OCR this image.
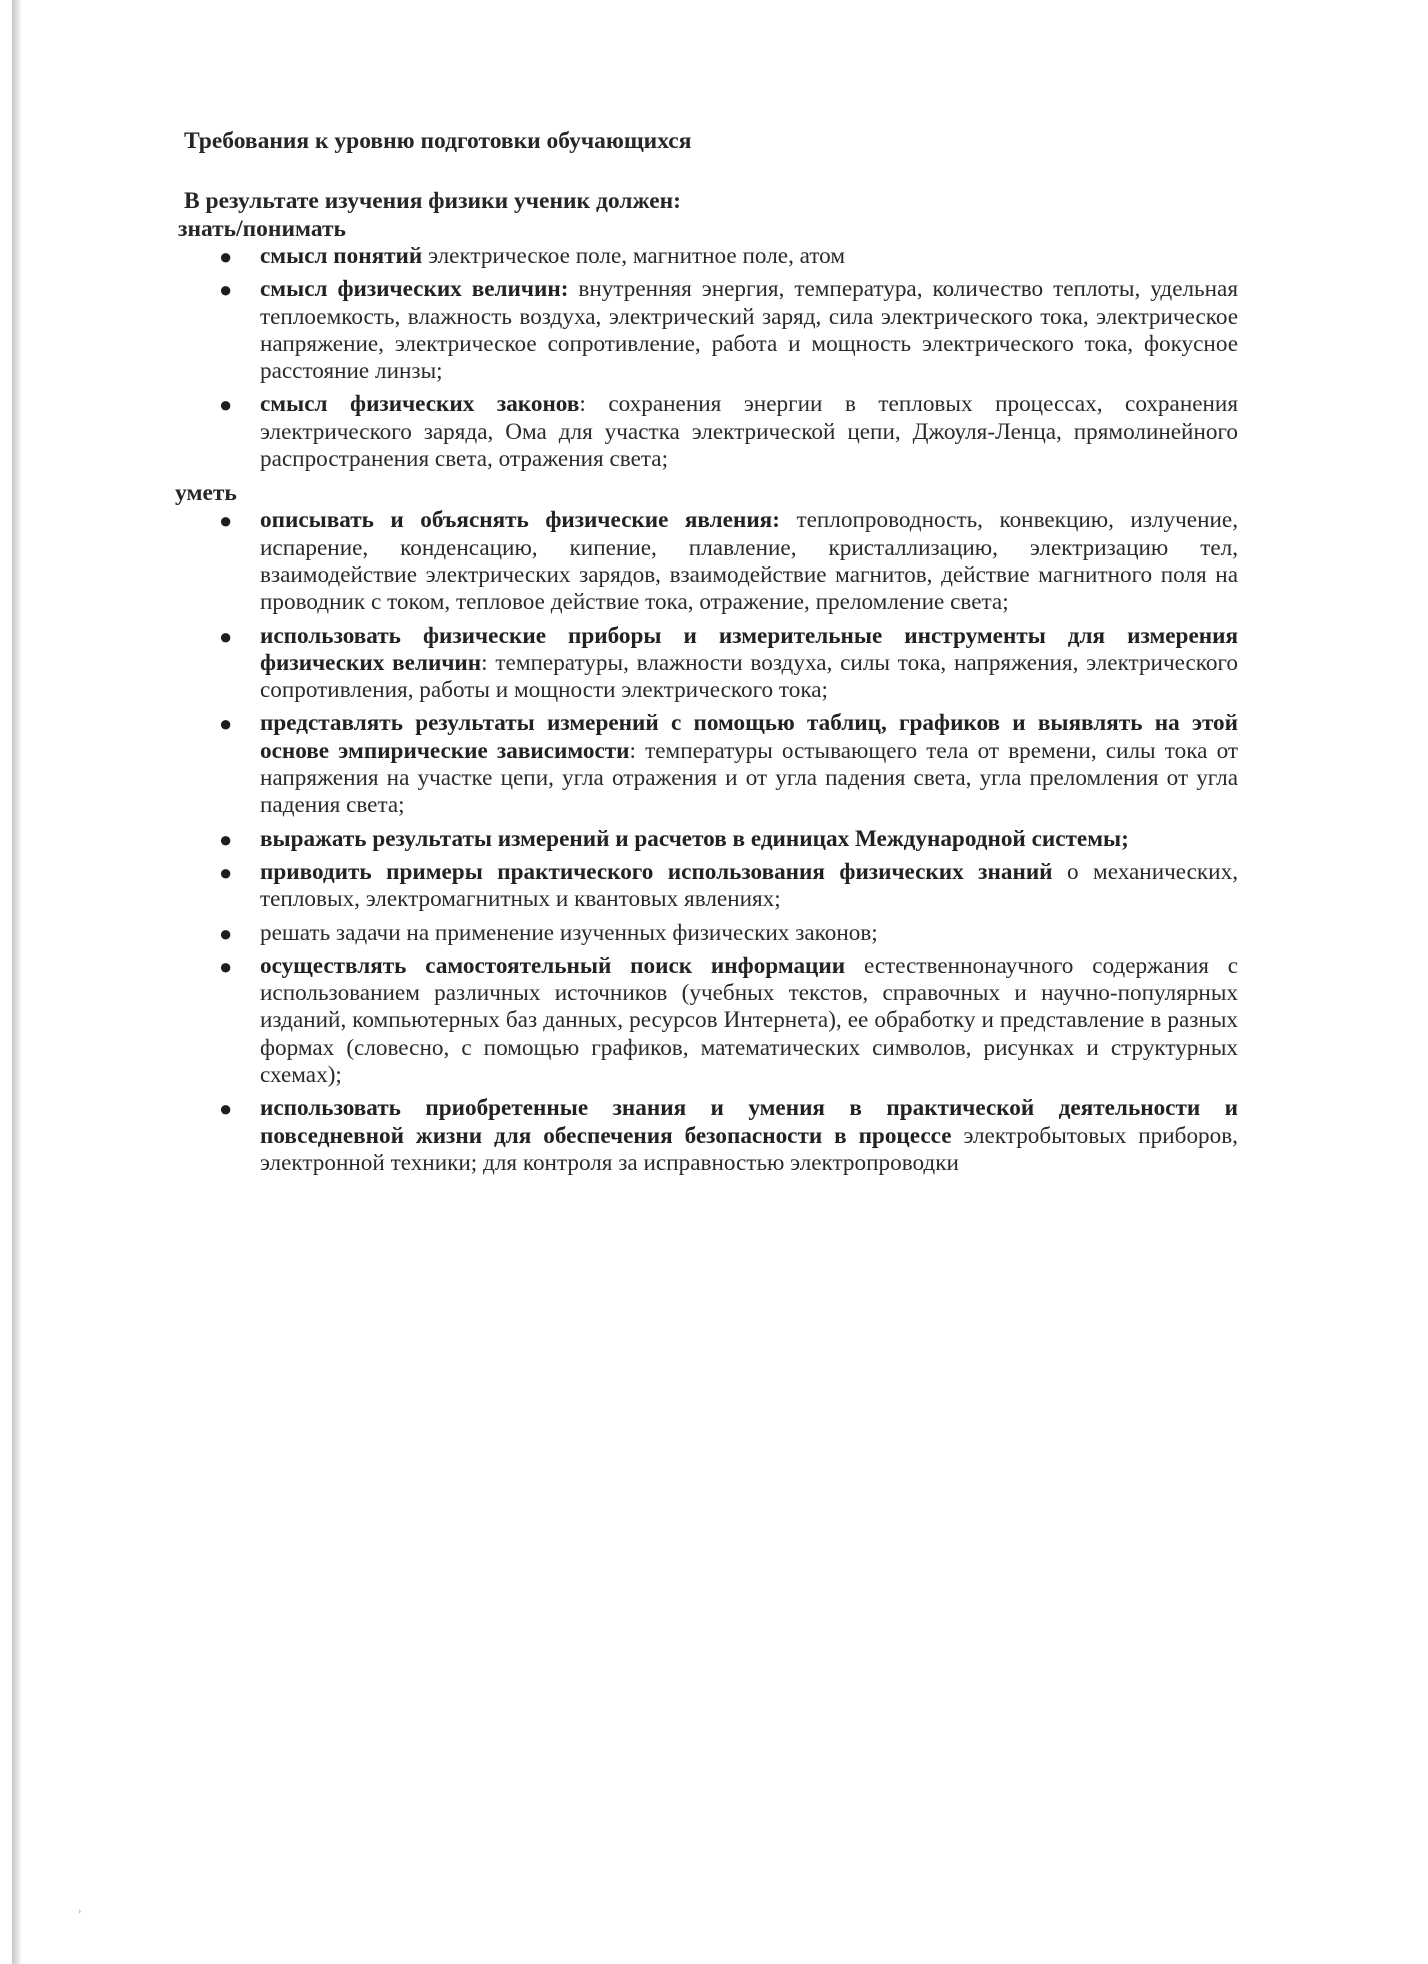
Требования к уровню подготовки обучающихся
В результате изучения физики ученик должен:
знать/понимать
● смысл понятий электрическое поле, магнитное поле, атом
● смысл физических величин: внутренняя энергия, температура, количество теплоты, удельная теплоемкость, влажность воздуха, электрический заряд, сила электрического тока, электрическое напряжение, электрическое сопротивление, работа и мощность электрического тока, фокусное расстояние линзы;
● смысл физических законов: сохранения энергии в тепловых процессах, сохранения электрического заряда, Ома для участка электрической цепи, Джоуля-Ленца, прямолинейного распространения света, отражения света;
уметь
● описывать и объяснять физические явления: теплопроводность, конвекцию, излучение, испарение, конденсацию, кипение, плавление, кристаллизацию, электризацию тел, взаимодействие электрических зарядов, взаимодействие магнитов, действие магнитного поля на проводник с током, тепловое действие тока, отражение, преломление света;
● использовать физические приборы и измерительные инструменты для измерения физических величин: температуры, влажности воздуха, силы тока, напряжения, электрического сопротивления, работы и мощности электрического тока;
● представлять результаты измерений с помощью таблиц, графиков и выявлять на этой основе эмпирические зависимости: температуры остывающего тела от времени, силы тока от напряжения на участке цепи, угла отражения и от угла падения света, угла преломления от угла падения света;
● выражать результаты измерений и расчетов в единицах Международной системы;
● приводить примеры практического использования физических знаний о механических, тепловых, электромагнитных и квантовых явлениях;
● решать задачи на применение изученных физических законов;
● осуществлять самостоятельный поиск информации естественнонаучного содержания с использованием различных источников (учебных текстов, справочных и научно-популярных изданий, компьютерных баз данных, ресурсов Интернета), ее обработку и представление в разных формах (словесно, с помощью графиков, математических символов, рисунках и структурных схемах);
● использовать приобретенные знания и умения в практической деятельности и повседневной жизни для обеспечения безопасности в процессе электробытовых приборов, электронной техники; для контроля за исправностью электропроводки
›
